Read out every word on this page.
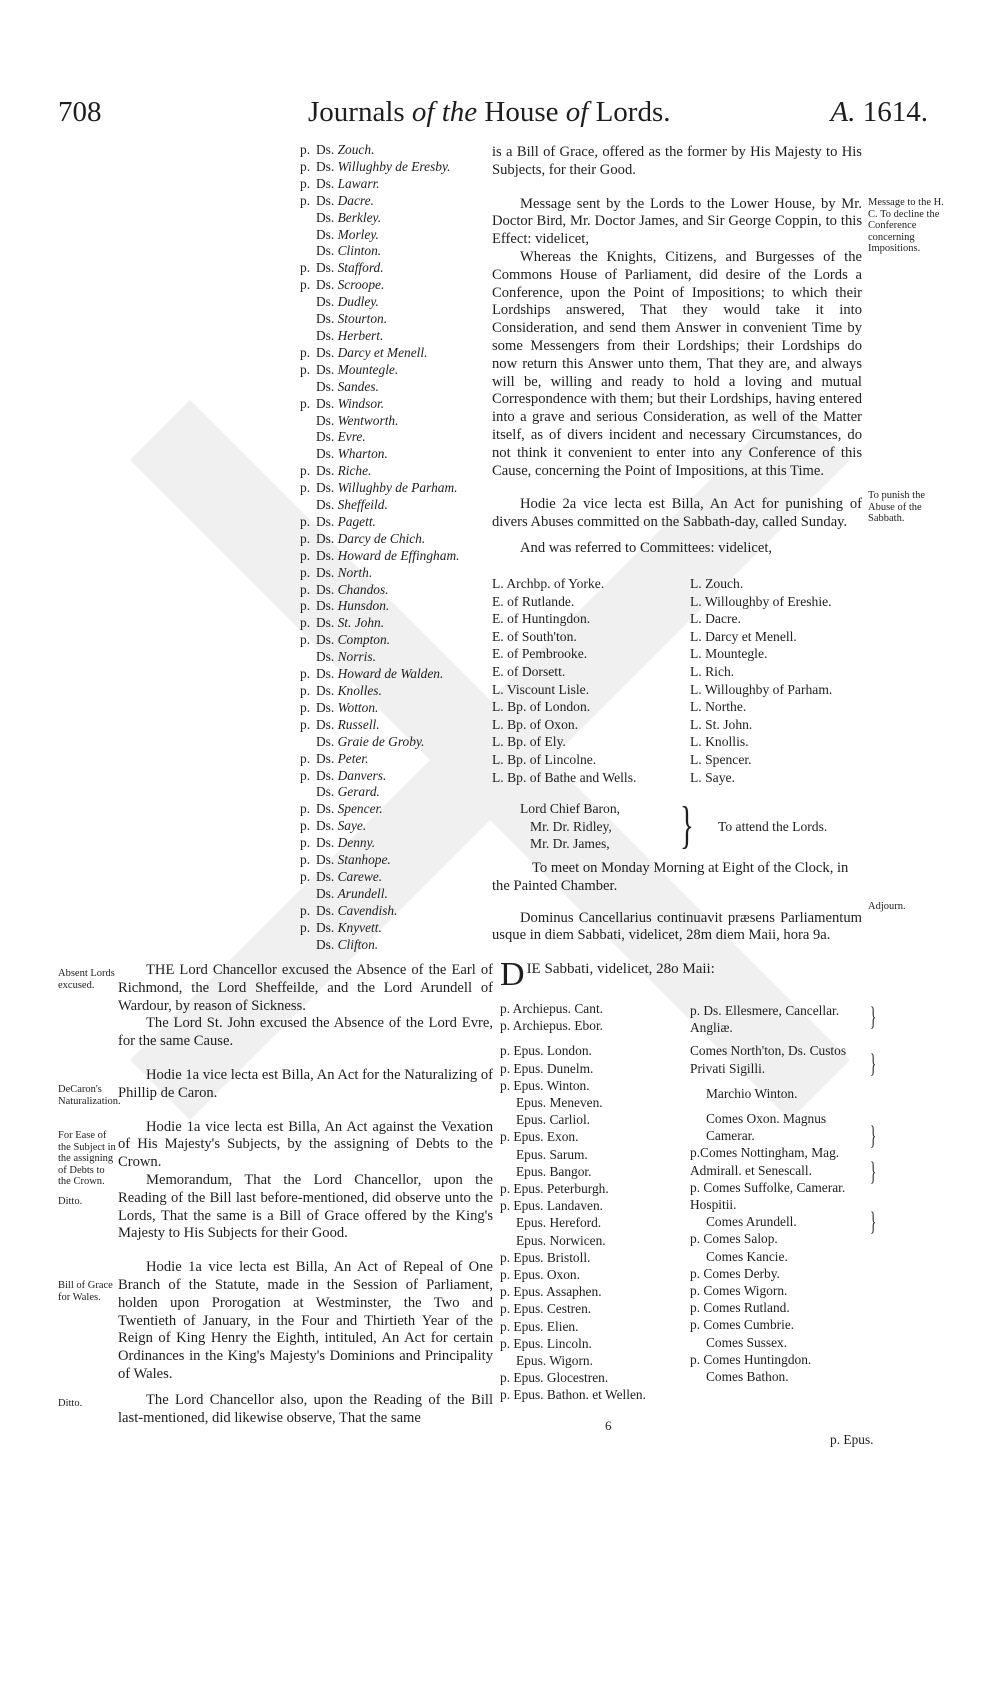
708	Journals of the House of Lords.	A. 1614.
p. Ds. Zouch.
p. Ds. Willughby de Eresby.
p. Ds. Lawarr.
p. Ds. Dacre.
Ds. Berkley.
Ds. Morley.
Ds. Clinton.
p. Ds. Stafford.
p. Ds. Scroope.
Ds. Dudley.
Ds. Stourton.
Ds. Herbert.
p. Ds. Darcy et Menell.
p. Ds. Mountegle.
Ds. Sandes.
p. Ds. Windsor.
Ds. Wentworth.
Ds. Evre.
Ds. Wharton.
p. Ds. Riche.
p. Ds. Willughby de Parham.
Ds. Sheffeild.
p. Ds. Pagett.
p. Ds. Darcy de Chich.
p. Ds. Howard de Effingham.
p. Ds. North.
p. Ds. Chandos.
p. Ds. Hunsdon.
p. Ds. St. John.
p. Ds. Compton.
Ds. Norris.
p. Ds. Howard de Walden.
p. Ds. Knolles.
p. Ds. Wotton.
p. Ds. Russell.
Ds. Graie de Groby.
p. Ds. Peter.
p. Ds. Danvers.
Ds. Gerard.
p. Ds. Spencer.
p. Ds. Saye.
p. Ds. Denny.
p. Ds. Stanhope.
p. Ds. Carewe.
Ds. Arundell.
p. Ds. Cavendish.
p. Ds. Knyvett.
Ds. Clifton.

is a Bill of Grace, offered as the former by His Majesty to His Subjects, for their Good.

Message sent by the Lords to the Lower House, by Mr. Doctor Bird, Mr. Doctor James, and Sir George Coppin, to this Effect: videlicet,

Whereas the Knights, Citizens, and Burgesses of the Commons House of Parliament, did desire of the Lords a Conference, upon the Point of Impositions; to which their Lordships answered, That they would take it into Consideration, and send them Answer in convenient Time by some Messengers from their Lordships; their Lordships do now return this Answer unto them, That they are, and always will be, willing and ready to hold a loving and mutual Correspondence with them; but their Lordships, having entered into a grave and serious Consideration, as well of the Matter itself, as of divers incident and necessary Circumstances, do not think it convenient to enter into any Conference of this Cause, concerning the Point of Impositions, at this Time.

Hodie 2a vice lecta est Billa, An Act for punishing of divers Abuses committed on the Sabbath-day, called Sunday.

And was referred to Committees: videlicet,

Message to the H. C. To decline the Conference concerning Impositions.
To punish the Abuse of the Sabbath.
Adjourn.
L. Archbp. of Yorke.
E. of Rutlande.
E. of Huntingdon.
E. of South'ton.
E. of Pembrooke.
E. of Dorsett.
L. Viscount Lisle.
L. Bp. of London.
L. Bp. of Oxon.
L. Bp. of Ely.
L. Bp. of Lincolne.
L. Bp. of Bathe and Wells.
L. Zouch.
L. Willoughby of Ereshie.
L. Dacre.
L. Darcy et Menell.
L. Mountegle.
L. Rich.
L. Willoughby of Parham.
L. Northe.
L. St. John.
L. Knollis.
L. Spencer.
L. Saye.
Lord Chief Baron,
Mr. Dr. Ridley,
Mr. Dr. James, } To attend the Lords.

To meet on Monday Morning at Eight of the Clock, in the Painted Chamber.

Dominus Cancellarius continuavit præsens Parliamentum usque in diem Sabbati, videlicet, 28m diem Maii, hora 9a.

Absent Lords excused.
DeCaron's Naturalization.
For Ease of the Subject in the assigning of Debts to the Crown.
Ditto.
Bill of Grace for Wales.
Ditto.

THE Lord Chancellor excused the Absence of the Earl of Richmond, the Lord Sheffeilde, and the Lord Arundell of Wardour, by reason of Sickness.

The Lord St. John excused the Absence of the Lord Evre, for the same Cause.

Hodie 1a vice lecta est Billa, An Act for the Naturalizing of Phillip de Caron.

Hodie 1a vice lecta est Billa, An Act against the Vexation of His Majesty's Subjects, by the assigning of Debts to the Crown.

Memorandum, That the Lord Chancellor, upon the Reading of the Bill last before-mentioned, did observe unto the Lords, That the same is a Bill of Grace offered by the King's Majesty to His Subjects for their Good.

Hodie 1a vice lecta est Billa, An Act of Repeal of One Branch of the Statute, made in the Session of Parliament, holden upon Prorogation at Westminster, the Two and Twentieth of January, in the Four and Thirtieth Year of the Reign of King Henry the Eighth, intituled, An Act for certain Ordinances in the King's Majesty's Dominions and Principality of Wales.

The Lord Chancellor also, upon the Reading of the Bill last-mentioned, did likewise observe, That the same

D IE Sabbati, videlicet, 28o Maii:
p. Archiepus. Cant.
p. Archiepus. Ebor.
p. Epus. London.
p. Epus. Dunelm.
p. Epus. Winton.
Epus. Meneven.
Epus. Carliol.
p. Epus. Exon.
Epus. Sarum.
Epus. Bangor.
p. Epus. Peterburgh.
p. Epus. Landaven.
Epus. Hereford.
Epus. Norwicen.
p. Epus. Bristoll.
p. Epus. Oxon.
p. Epus. Assaphen.
p. Epus. Cestren.
p. Epus. Elien.
p. Epus. Lincoln.
Epus. Wigorn.
p. Epus. Glocestren.
p. Epus. Bathon. et Wellen.
p. Ds. Ellesmere, Cancellar. Angliæ.
Comes North'ton, Ds. Custos Privati Sigilli.
Marchio Winton.
Comes Oxon. Magnus Camerar.
p.Comes Nottingham, Mag. Admirall. et Senescall.
p. Comes Suffolke, Camerar. Hospitii.
Comes Arundell.
p. Comes Salop.
Comes Kancie.
p. Comes Derby.
p. Comes Wigorn.
p. Comes Rutland.
p. Comes Cumbrie.
Comes Sussex.
p. Comes Huntingdon.
Comes Bathon.
}
}
}
}
}
6
p. Epus.
